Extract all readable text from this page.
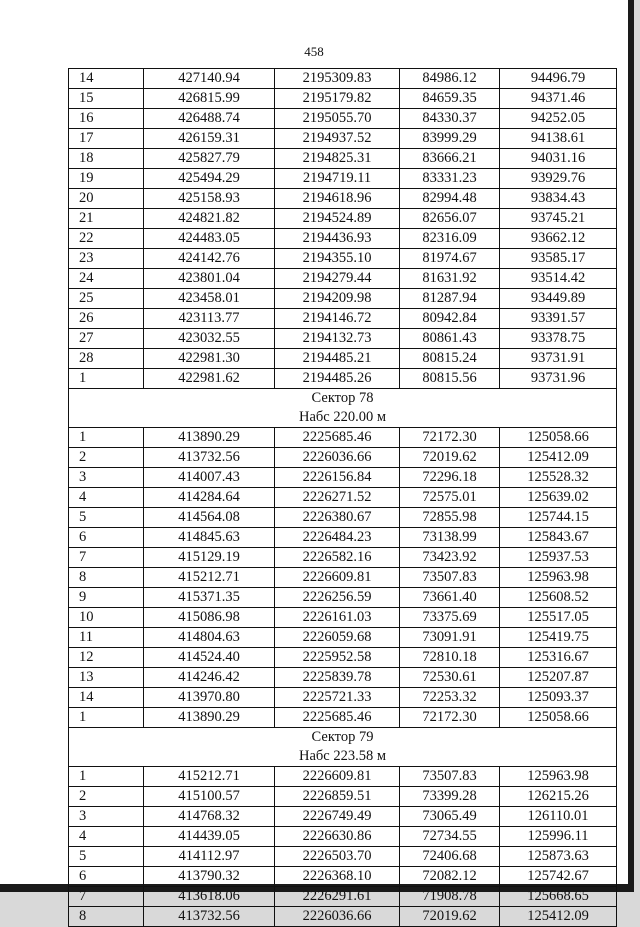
458
14	427140.94	2195309.83	84986.12	94496.79
15	426815.99	2195179.82	84659.35	94371.46
16	426488.74	2195055.70	84330.37	94252.05
17	426159.31	2194937.52	83999.29	94138.61
18	425827.79	2194825.31	83666.21	94031.16
19	425494.29	2194719.11	83331.23	93929.76
20	425158.93	2194618.96	82994.48	93834.43
21	424821.82	2194524.89	82656.07	93745.21
22	424483.05	2194436.93	82316.09	93662.12
23	424142.76	2194355.10	81974.67	93585.17
24	423801.04	2194279.44	81631.92	93514.42
25	423458.01	2194209.98	81287.94	93449.89
26	423113.77	2194146.72	80942.84	93391.57
27	423032.55	2194132.73	80861.43	93378.75
28	422981.30	2194485.21	80815.24	93731.91
1	422981.62	2194485.26	80815.56	93731.96
Сектор 78				
Набс 220.00 м				
1	413890.29	2225685.46	72172.30	125058.66
2	413732.56	2226036.66	72019.62	125412.09
3	414007.43	2226156.84	72296.18	125528.32
4	414284.64	2226271.52	72575.01	125639.02
5	414564.08	2226380.67	72855.98	125744.15
6	414845.63	2226484.23	73138.99	125843.67
7	415129.19	2226582.16	73423.92	125937.53
8	415212.71	2226609.81	73507.83	125963.98
9	415371.35	2226256.59	73661.40	125608.52
10	415086.98	2226161.03	73375.69	125517.05
11	414804.63	2226059.68	73091.91	125419.75
12	414524.40	2225952.58	72810.18	125316.67
13	414246.42	2225839.78	72530.61	125207.87
14	413970.80	2225721.33	72253.32	125093.37
1	413890.29	2225685.46	72172.30	125058.66
Сектор 79				
Набс 223.58 м				
1	415212.71	2226609.81	73507.83	125963.98
2	415100.57	2226859.51	73399.28	126215.26
3	414768.32	2226749.49	73065.49	126110.01
4	414439.05	2226630.86	72734.55	125996.11
5	414112.97	2226503.70	72406.68	125873.63
6	413790.32	2226368.10	72082.12	125742.67
7	413618.06	2226291.61	71908.78	125668.65
8	413732.56	2226036.66	72019.62	125412.09
